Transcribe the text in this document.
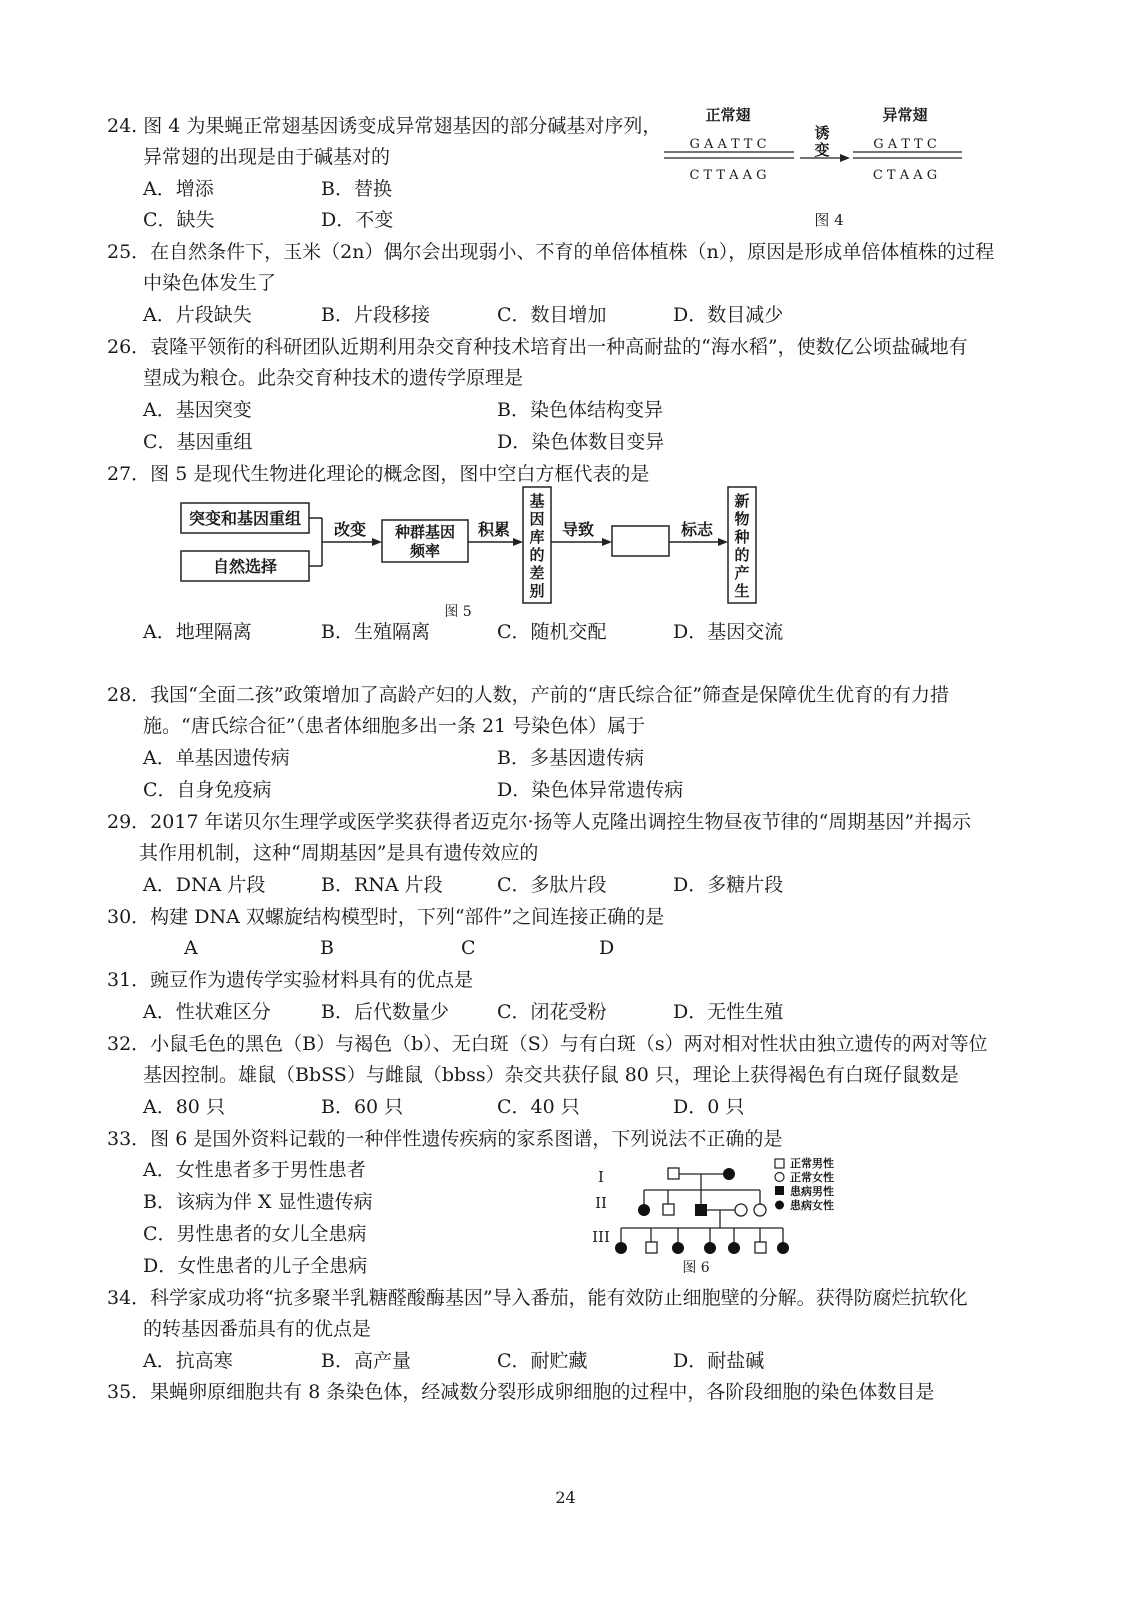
24. 图 4 为果蝇正常翅基因诱变成异常翅基因的部分碱基对序列，
异常翅的出现是由于碱基对的
A．增添	B．替换
C．缺失	D．不变
正常翅	异常翅
G A A T T C
C T T A A G
诱
变	G A T T C
C T A A G
图 4
25．在自然条件下，玉米（2n）偶尔会出现弱小、不育的单倍体植株（n），原因是形成单倍体植株的过程
中染色体发生了
A．片段缺失	B．片段移接	C．数目增加	D．数目减少
26．袁隆平领衔的科研团队近期利用杂交育种技术培育出一种高耐盐的“海水稻”，使数亿公顷盐碱地有
望成为粮仓。此杂交育种技术的遗传学原理是
A．基因突变	B．染色体结构变异
C．基因重组	D．染色体数目变异
27．图 5 是现代生物进化理论的概念图，图中空白方框代表的是
突变和基因重组
自然选择
改变 种群基因
频率
积累
基
因
库
的
差
别
导致	标志
新
物
种
的
产
生
图 5
A．地理隔离	B．生殖隔离	C．随机交配	D．基因交流
28．我国“全面二孩”政策增加了高龄产妇的人数，产前的“唐氏综合征”筛查是保障优生优育的有力措
施。“唐氏综合征”（患者体细胞多出一条 21 号染色体）属于
A．单基因遗传病	B．多基因遗传病
C．自身免疫病	D．染色体异常遗传病
29．2017 年诺贝尔生理学或医学奖获得者迈克尔·扬等人克隆出调控生物昼夜节律的“周期基因”并揭示
其作用机制，这种“周期基因”是具有遗传效应的
A．DNA 片段	B．RNA 片段	C．多肽片段	D．多糖片段
30．构建 DNA 双螺旋结构模型时，下列“部件”之间连接正确的是
A	B	C	D
31．豌豆作为遗传学实验材料具有的优点是
A．性状难区分	B．后代数量少	C．闭花受粉	D．无性生殖
32．小鼠毛色的黑色（B）与褐色（b）、无白斑（S）与有白斑（s）两对相对性状由独立遗传的两对等位
基因控制。雄鼠（BbSS）与雌鼠（bbss）杂交共获仔鼠 80 只，理论上获得褐色有白斑仔鼠数是
A．80 只	B．60 只	C．40 只	D．0 只
33．图 6 是国外资料记载的一种伴性遗传疾病的家系图谱，下列说法不正确的是
A．女性患者多于男性患者
B．该病为伴 X 显性遗传病
C．男性患者的女儿全患病
D．女性患者的儿子全患病
I
II
III
正常男性
正常女性
患病男性
患病女性
图 6
34．科学家成功将“抗多聚半乳糖醛酸酶基因”导入番茄，能有效防止细胞壁的分解。获得防腐烂抗软化
的转基因番茄具有的优点是
A．抗高寒	B．高产量	C．耐贮藏	D．耐盐碱
35．果蝇卵原细胞共有 8 条染色体，经减数分裂形成卵细胞的过程中，各阶段细胞的染色体数目是
24
